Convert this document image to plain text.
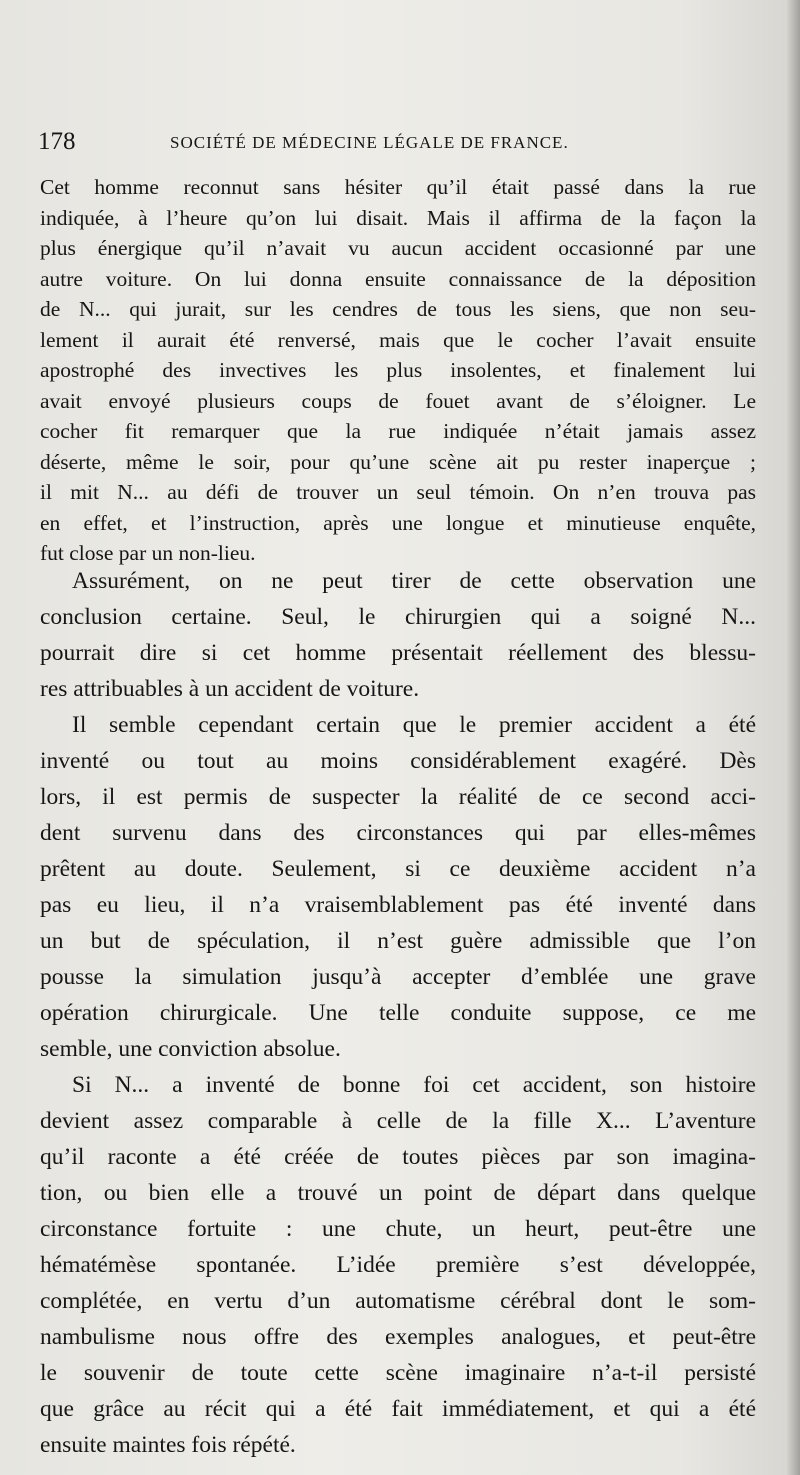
178	SOCIÉTÉ DE MÉDECINE LÉGALE DE FRANCE.
Cet homme reconnut sans hésiter qu’il était passé dans la rue
indiquée, à l’heure qu’on lui disait. Mais il affirma de la façon la
plus énergique qu’il n’avait vu aucun accident occasionné par une
autre voiture. On lui donna ensuite connaissance de la déposition
de N... qui jurait, sur les cendres de tous les siens, que non seu-
lement il aurait été renversé, mais que le cocher l’avait ensuite
apostrophé des invectives les plus insolentes, et finalement lui
avait envoyé plusieurs coups de fouet avant de s’éloigner. Le
cocher fit remarquer que la rue indiquée n’était jamais assez
déserte, même le soir, pour qu’une scène ait pu rester inaperçue ;
il mit N... au défi de trouver un seul témoin. On n’en trouva pas
en effet, et l’instruction, après une longue et minutieuse enquête,
fut close par un non-lieu.
Assurément, on ne peut tirer de cette observation une
conclusion certaine. Seul, le chirurgien qui a soigné N...
pourrait dire si cet homme présentait réellement des blessu-
res attribuables à un accident de voiture.
Il semble cependant certain que le premier accident a été
inventé ou tout au moins considérablement exagéré. Dès
lors, il est permis de suspecter la réalité de ce second acci-
dent survenu dans des circonstances qui par elles-mêmes
prêtent au doute. Seulement, si ce deuxième accident n’a
pas eu lieu, il n’a vraisemblablement pas été inventé dans
un but de spéculation, il n’est guère admissible que l’on
pousse la simulation jusqu’à accepter d’emblée une grave
opération chirurgicale. Une telle conduite suppose, ce me
semble, une conviction absolue.
Si N... a inventé de bonne foi cet accident, son histoire
devient assez comparable à celle de la fille X... L’aventure
qu’il raconte a été créée de toutes pièces par son imagina-
tion, ou bien elle a trouvé un point de départ dans quelque
circonstance fortuite : une chute, un heurt, peut-être une
hématémèse spontanée. L’idée première s’est développée,
complétée, en vertu d’un automatisme cérébral dont le som-
nambulisme nous offre des exemples analogues, et peut-être
le souvenir de toute cette scène imaginaire n’a-t-il persisté
que grâce au récit qui a été fait immédiatement, et qui a été
ensuite maintes fois répété.
